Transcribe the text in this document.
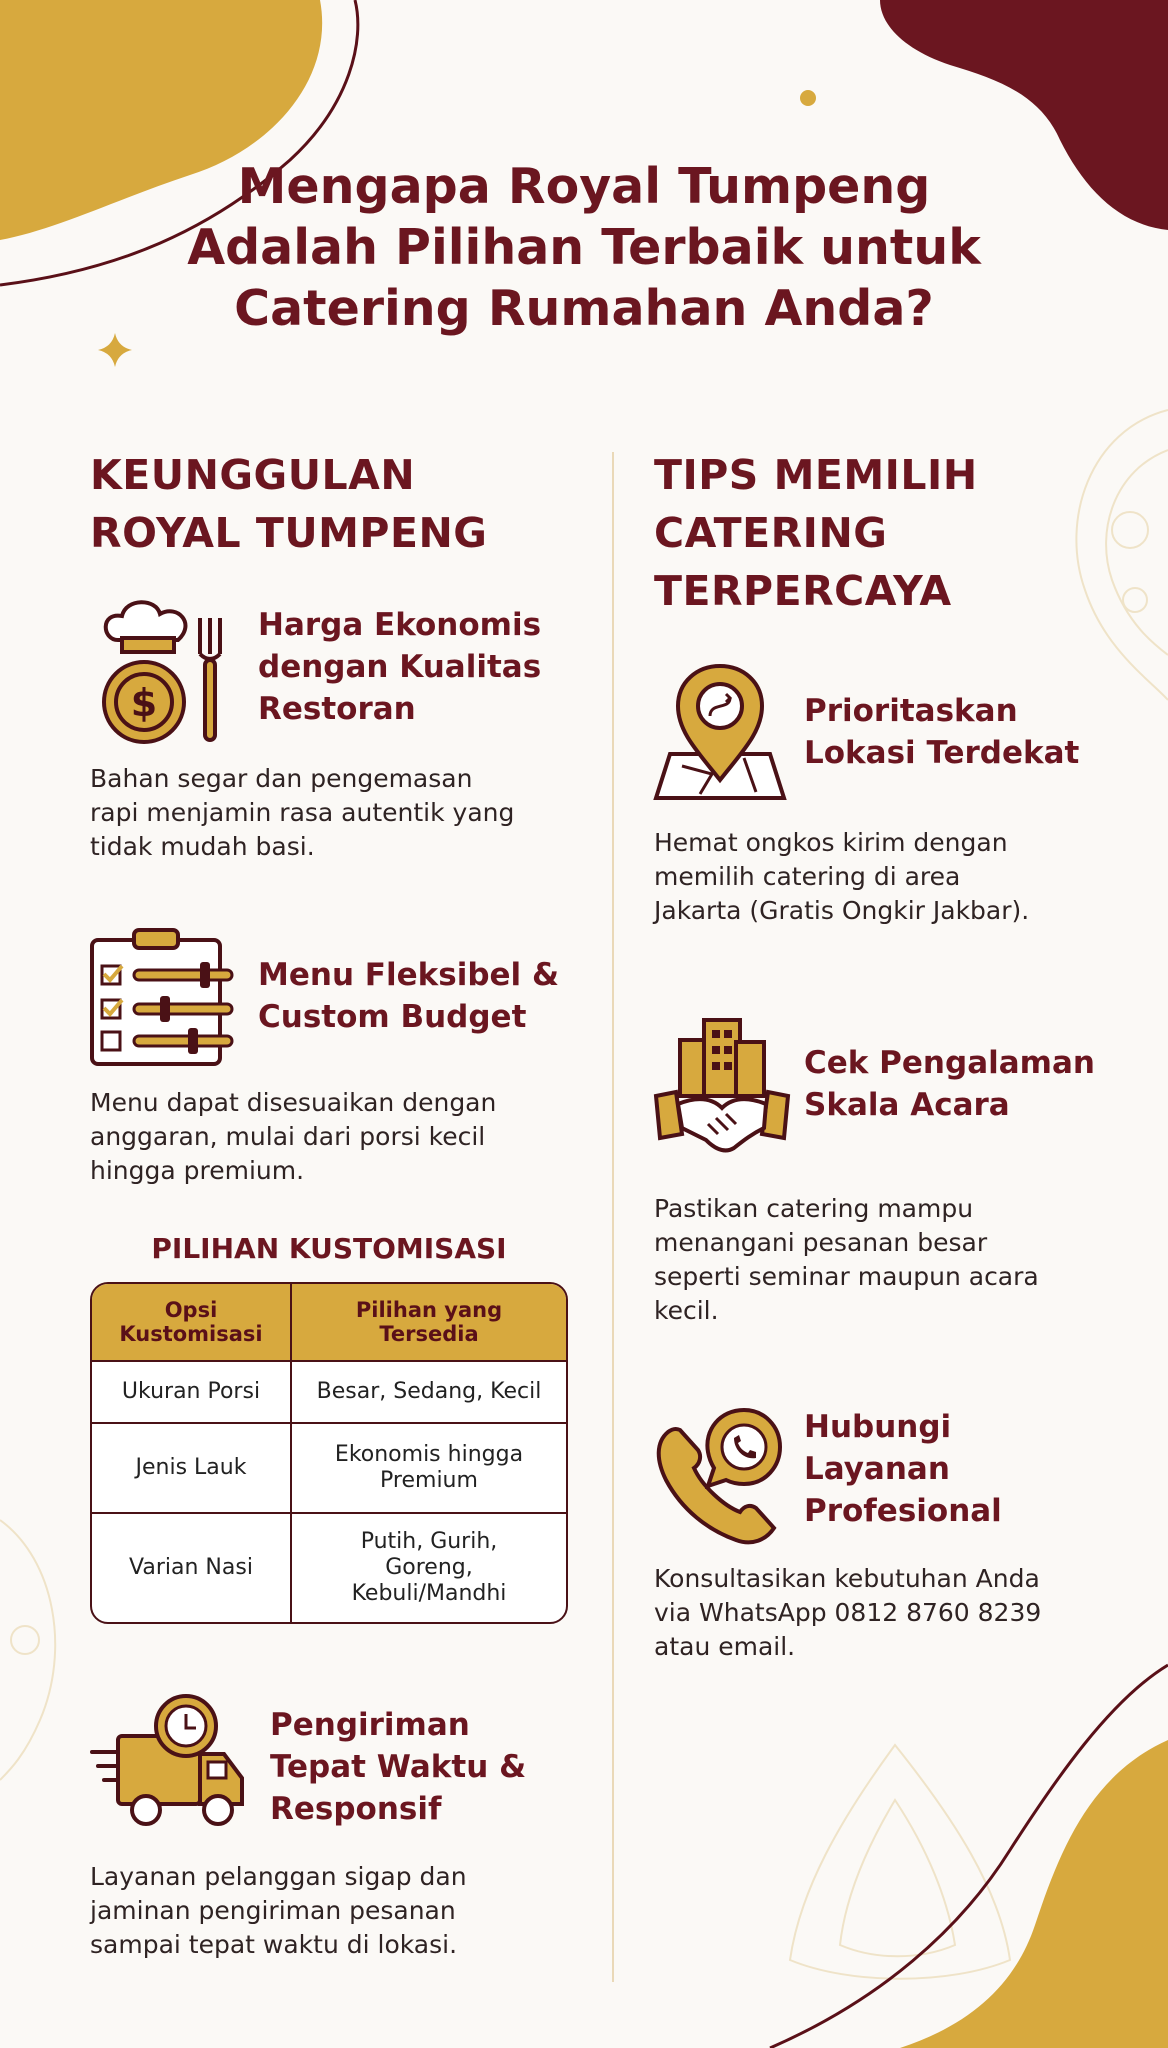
Mengapa Royal Tumpeng
Adalah Pilihan Terbaik untuk
Catering Rumahan Anda?
KEUNGGULAN
ROYAL TUMPENG
$
Harga Ekonomis
dengan Kualitas
Restoran

Bahan segar dan pengemasan
rapi menjamin rasa autentik yang
tidak mudah basi.

Menu Fleksibel &
Custom Budget

Menu dapat disesuaikan dengan
anggaran, mulai dari porsi kecil
hingga premium.

PILIHAN KUSTOMISASI
Opsi
Kustomisasi
Pilihan yang
Tersedia
Ukuran Porsi	Besar, Sedang, Kecil
Jenis Lauk
Ekonomis hingga
Premium
Varian Nasi
Putih, Gurih,
Goreng,
Kebuli/Mandhi
Pengiriman
Tepat Waktu &
Responsif

Layanan pelanggan sigap dan
jaminan pengiriman pesanan
sampai tepat waktu di lokasi.

TIPS MEMILIH
CATERING
TERPERCAYA
Prioritaskan
Lokasi Terdekat

Hemat ongkos kirim dengan
memilih catering di area
Jakarta (Gratis Ongkir Jakbar).

Cek Pengalaman
Skala Acara

Pastikan catering mampu
menangani pesanan besar
seperti seminar maupun acara
kecil.

Hubungi
Layanan
Profesional

Konsultasikan kebutuhan Anda
via WhatsApp 0812 8760 8239
atau email.
